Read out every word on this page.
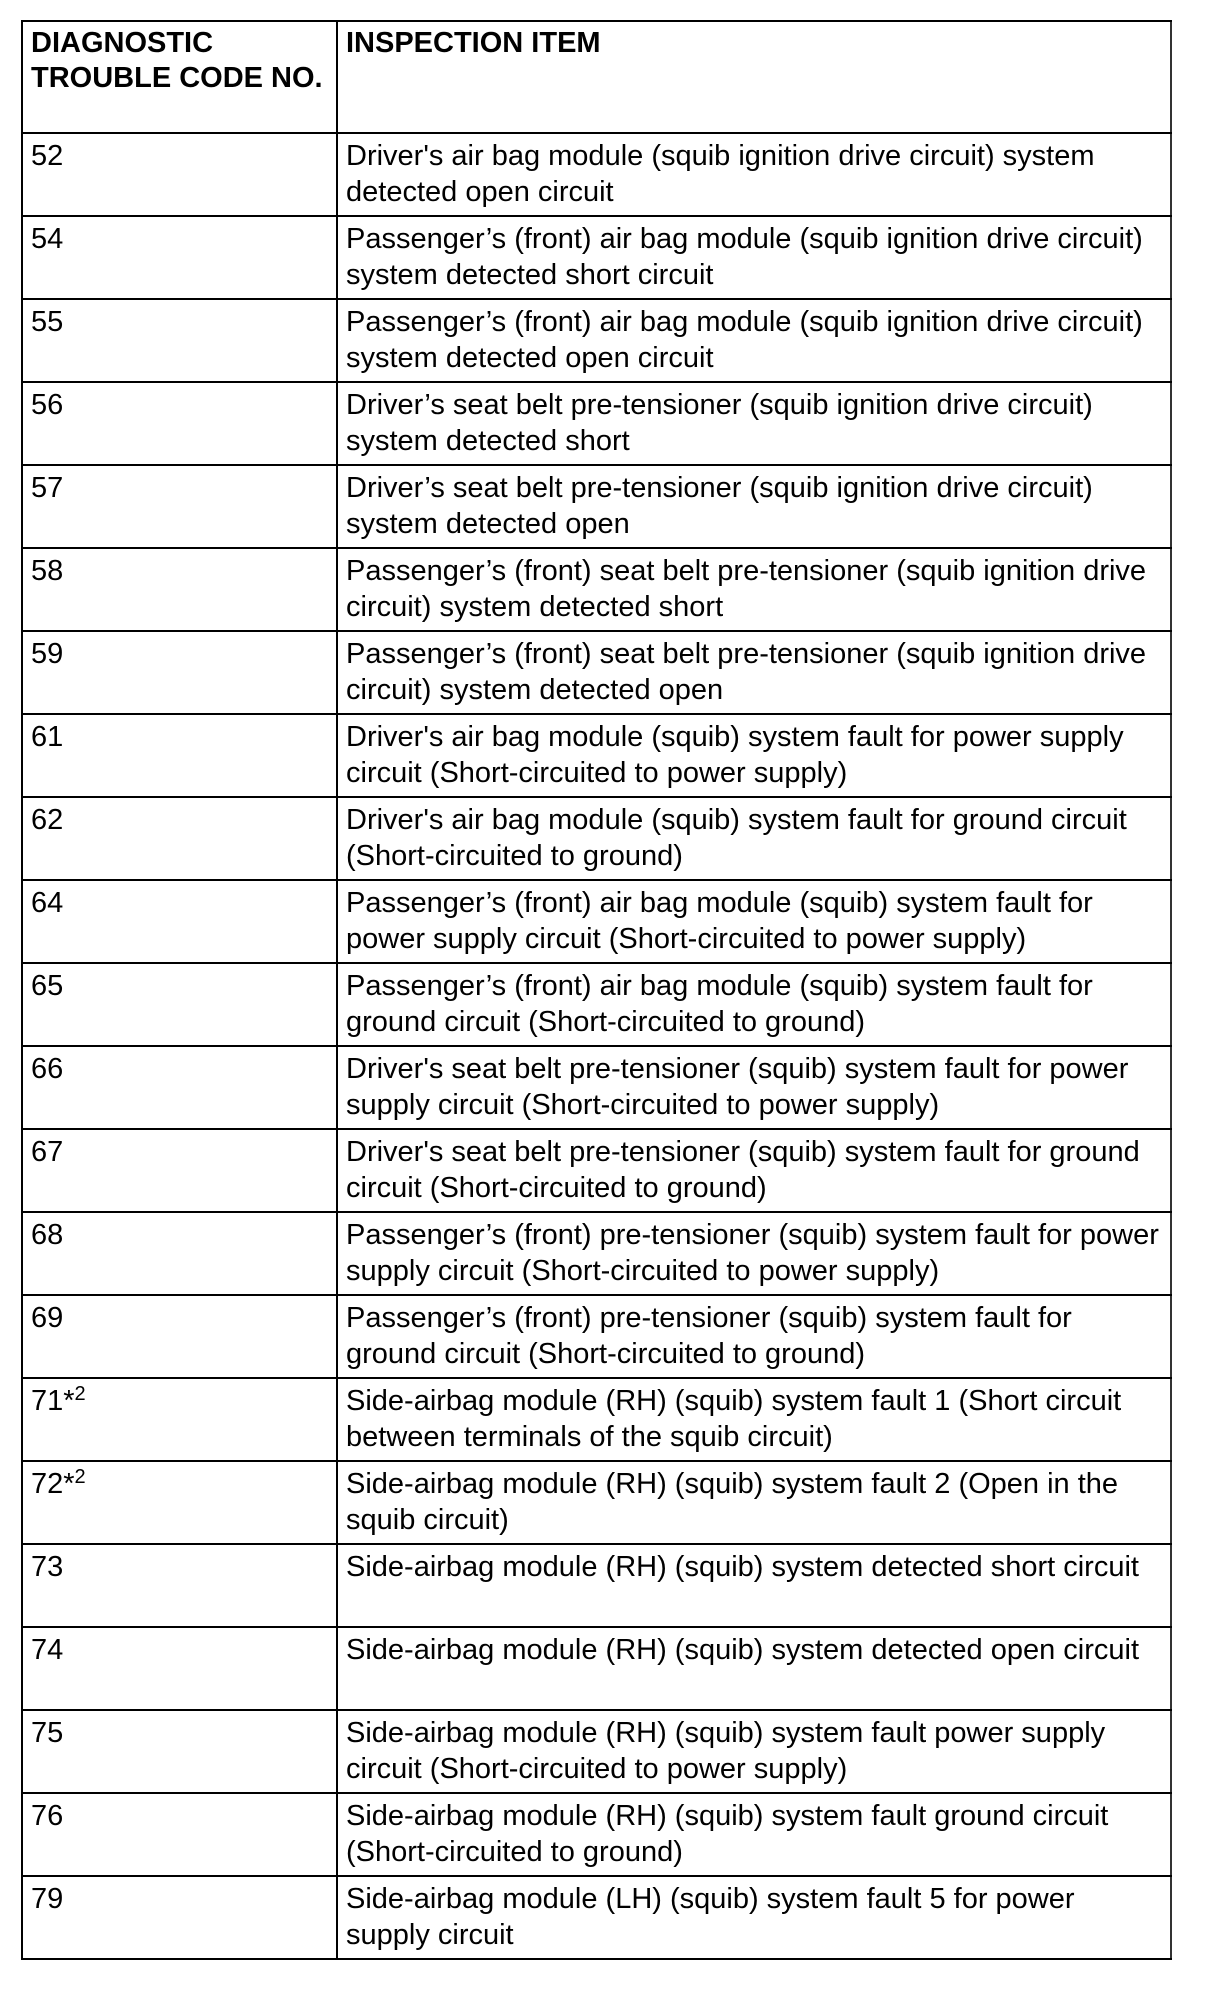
DIAGNOSTIC TROUBLE CODE NO.	INSPECTION ITEM
52	Driver's air bag module (squib ignition drive circuit) system detected open circuit
54	Passenger’s (front) air bag module (squib ignition drive circuit) system detected short circuit
55	Passenger’s (front) air bag module (squib ignition drive circuit) system detected open circuit
56	Driver’s seat belt pre-tensioner (squib ignition drive circuit) system detected short
57	Driver’s seat belt pre-tensioner (squib ignition drive circuit) system detected open
58	Passenger’s (front) seat belt pre-tensioner (squib ignition drive circuit) system detected short
59	Passenger’s (front) seat belt pre-tensioner (squib ignition drive circuit) system detected open
61	Driver's air bag module (squib) system fault for power supply circuit (Short-circuited to power supply)
62	Driver's air bag module (squib) system fault for ground circuit (Short-circuited to ground)
64	Passenger’s (front) air bag module (squib) system fault for power supply circuit (Short-circuited to power supply)
65	Passenger’s (front) air bag module (squib) system fault for ground circuit (Short-circuited to ground)
66	Driver's seat belt pre-tensioner (squib) system fault for power supply circuit (Short-circuited to power supply)
67	Driver's seat belt pre-tensioner (squib) system fault for ground circuit (Short-circuited to ground)
68	Passenger’s (front) pre-tensioner (squib) system fault for power supply circuit (Short-circuited to power supply)
69	Passenger’s (front) pre-tensioner (squib) system fault for ground circuit (Short-circuited to ground)
71*$^2$	Side-airbag module (RH) (squib) system fault 1 (Short circuit between terminals of the squib circuit)
72*$^2$	Side-airbag module (RH) (squib) system fault 2 (Open in the squib circuit)
73	Side-airbag module (RH) (squib) system detected short circuit
74	Side-airbag module (RH) (squib) system detected open circuit
75	Side-airbag module (RH) (squib) system fault power supply circuit (Short-circuited to power supply)
76	Side-airbag module (RH) (squib) system fault ground circuit (Short-circuited to ground)
79	Side-airbag module (LH) (squib) system fault 5 for power supply circuit
